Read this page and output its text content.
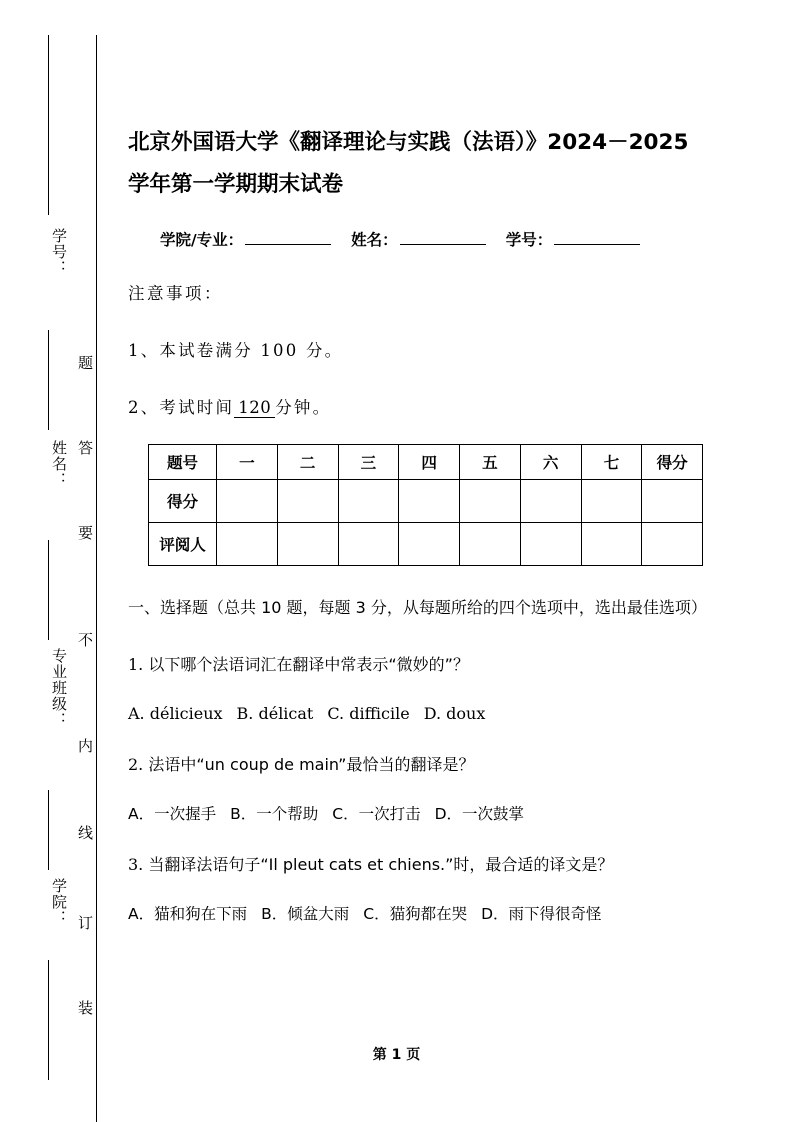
学号：
姓名：
专业班级：
学院：
题
答
要
不
内
线
订
装
北京外国语大学《翻译理论与实践（法语）》2024－2025
学年第一学期期末试卷

学院/专业：	姓名：	学号：

注意事项：

1、本试卷满分 100 分。

2、考试时间 120 分钟。

题号	一	二	三	四	五	六	七	得分
得分								
评阅人								

一、选择题（总共 10 题，每题 3 分，从每题所给的四个选项中，选出最佳选项）

1. 以下哪个法语词汇在翻译中常表示“微妙的”？

A. délicieux B. délicat C. difficile D. doux

2. 法语中“un coup de main”最恰当的翻译是？

A．一次握手 B．一个帮助 C．一次打击 D．一次鼓掌

3. 当翻译法语句子“Il pleut cats et chiens.”时，最合适的译文是？

A．猫和狗在下雨 B．倾盆大雨 C．猫狗都在哭 D．雨下得很奇怪

第 1 页
